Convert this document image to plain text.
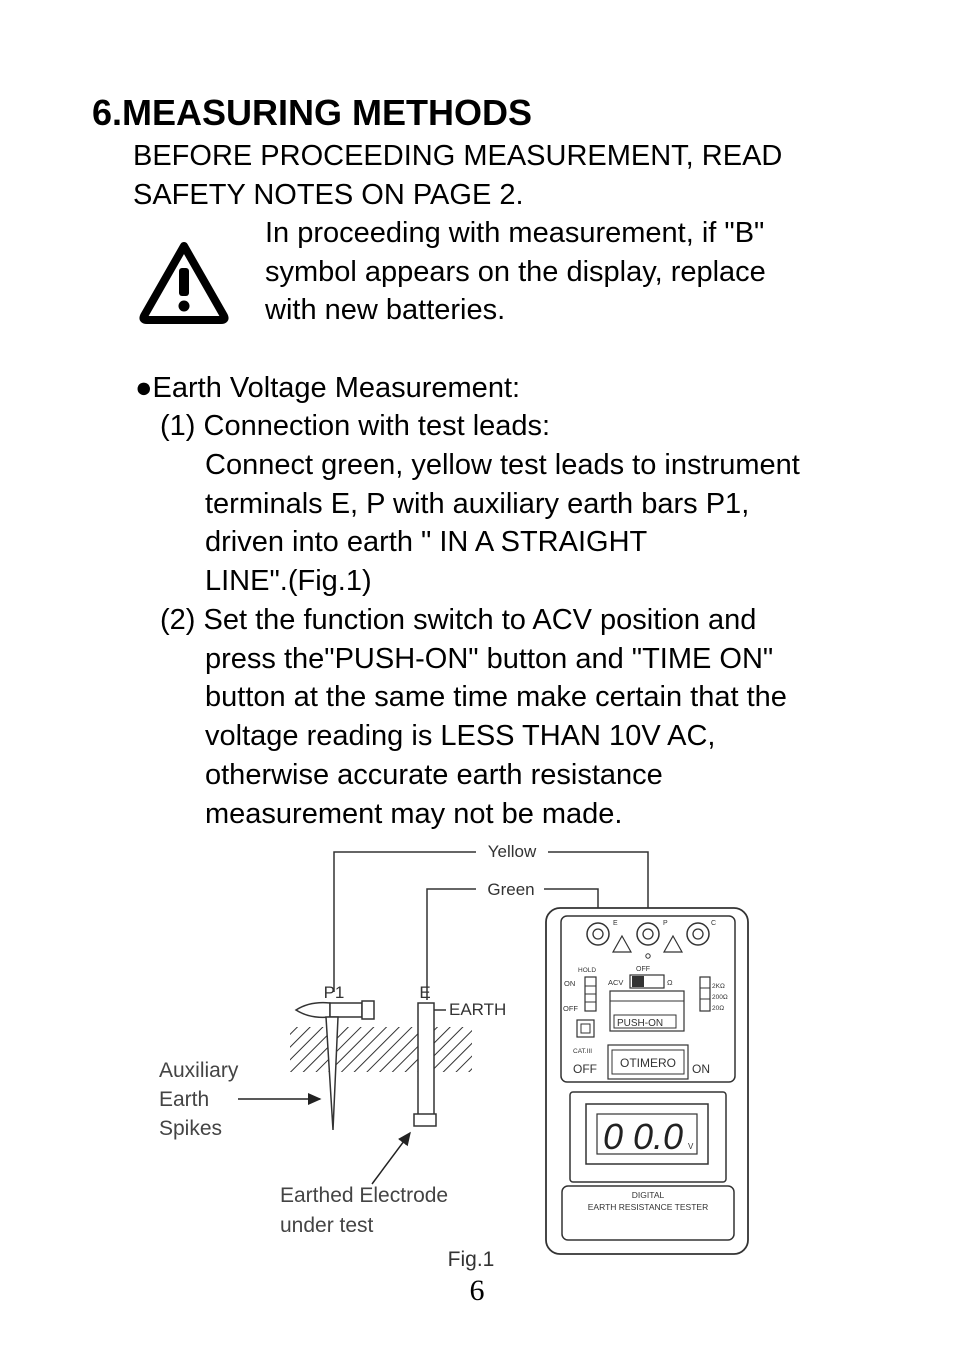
6.MEASURING METHODS
BEFORE PROCEEDING MEASUREMENT, READ
SAFETY NOTES ON PAGE 2.
In proceeding with measurement, if "B"
symbol appears on the display, replace
with new batteries.
●Earth Voltage Measurement:
(1) Connection with test leads:
Connect green, yellow test leads to instrument
terminals E, P with auxiliary earth bars P1,
driven into earth " IN A STRAIGHT
LINE".(Fig.1)
(2) Set the function switch to ACV position and
press the"PUSH-ON" button and "TIME ON"
button at the same time make certain that the
voltage reading is LESS THAN 10V AC,
otherwise accurate earth resistance
measurement may not be made.
Yellow
Green
P1	E
EARTH
Auxiliary
Earth
Spikes
Earthed Electrode
under test
E	P	C
HOLD
ON
OFF
OFF
ACV	Ω	2KΩ
200Ω
20Ω
PUSH-ON
CAT.III
OFF OTIMERO ON
0 0.0 V
DIGITAL
EARTH RESISTANCE TESTER
Fig.1
6
